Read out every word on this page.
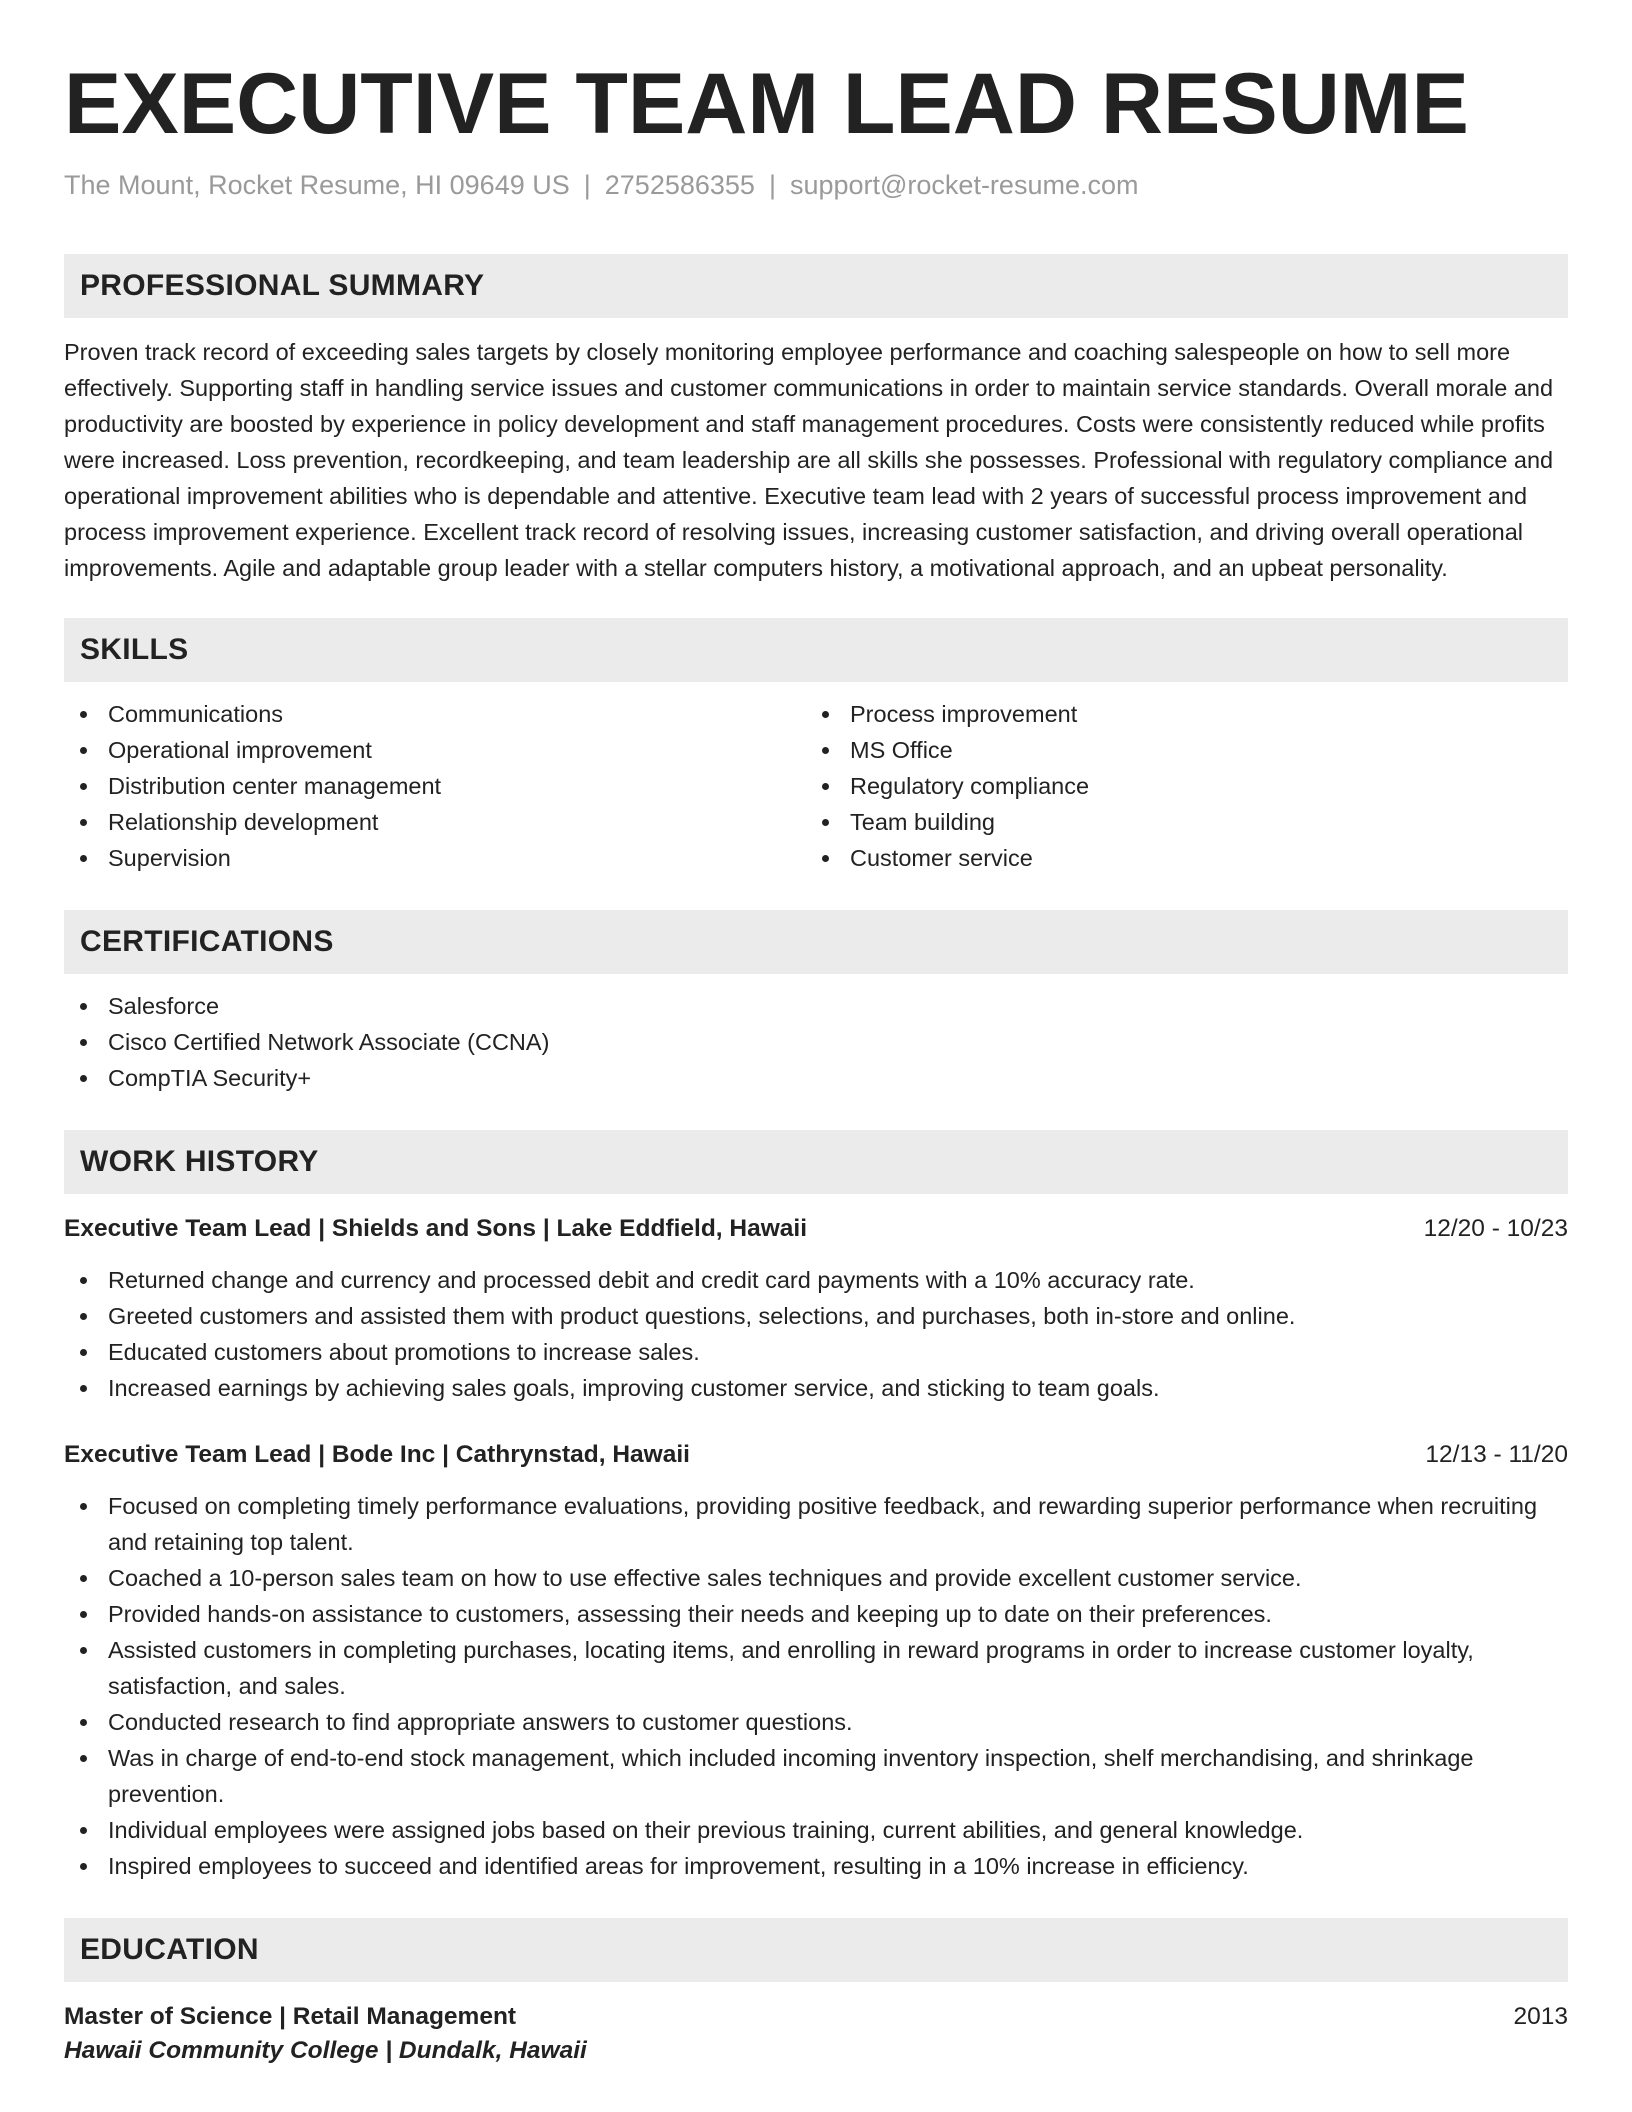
EXECUTIVE TEAM LEAD RESUME
The Mount, Rocket Resume, HI 09649 US | 2752586355 | support@rocket-resume.com
PROFESSIONAL SUMMARY
Proven track record of exceeding sales targets by closely monitoring employee performance and coaching salespeople on how to sell more effectively. Supporting staff in handling service issues and customer communications in order to maintain service standards. Overall morale and productivity are boosted by experience in policy development and staff management procedures. Costs were consistently reduced while profits were increased. Loss prevention, recordkeeping, and team leadership are all skills she possesses. Professional with regulatory compliance and operational improvement abilities who is dependable and attentive. Executive team lead with 2 years of successful process improvement and process improvement experience. Excellent track record of resolving issues, increasing customer satisfaction, and driving overall operational improvements. Agile and adaptable group leader with a stellar computers history, a motivational approach, and an upbeat personality.
SKILLS
Communications
Operational improvement
Distribution center management
Relationship development
Supervision
Process improvement
MS Office
Regulatory compliance
Team building
Customer service
CERTIFICATIONS
Salesforce
Cisco Certified Network Associate (CCNA)
CompTIA Security+
WORK HISTORY
Executive Team Lead | Shields and Sons | Lake Eddfield, Hawaii	12/20 - 10/23
Returned change and currency and processed debit and credit card payments with a 10% accuracy rate.
Greeted customers and assisted them with product questions, selections, and purchases, both in-store and online.
Educated customers about promotions to increase sales.
Increased earnings by achieving sales goals, improving customer service, and sticking to team goals.
Executive Team Lead | Bode Inc | Cathrynstad, Hawaii	12/13 - 11/20
Focused on completing timely performance evaluations, providing positive feedback, and rewarding superior performance when recruiting and retaining top talent.
Coached a 10-person sales team on how to use effective sales techniques and provide excellent customer service.
Provided hands-on assistance to customers, assessing their needs and keeping up to date on their preferences.
Assisted customers in completing purchases, locating items, and enrolling in reward programs in order to increase customer loyalty, satisfaction, and sales.
Conducted research to find appropriate answers to customer questions.
Was in charge of end-to-end stock management, which included incoming inventory inspection, shelf merchandising, and shrinkage prevention.
Individual employees were assigned jobs based on their previous training, current abilities, and general knowledge.
Inspired employees to succeed and identified areas for improvement, resulting in a 10% increase in efficiency.
EDUCATION
Master of Science | Retail Management	2013
Hawaii Community College | Dundalk, Hawaii
